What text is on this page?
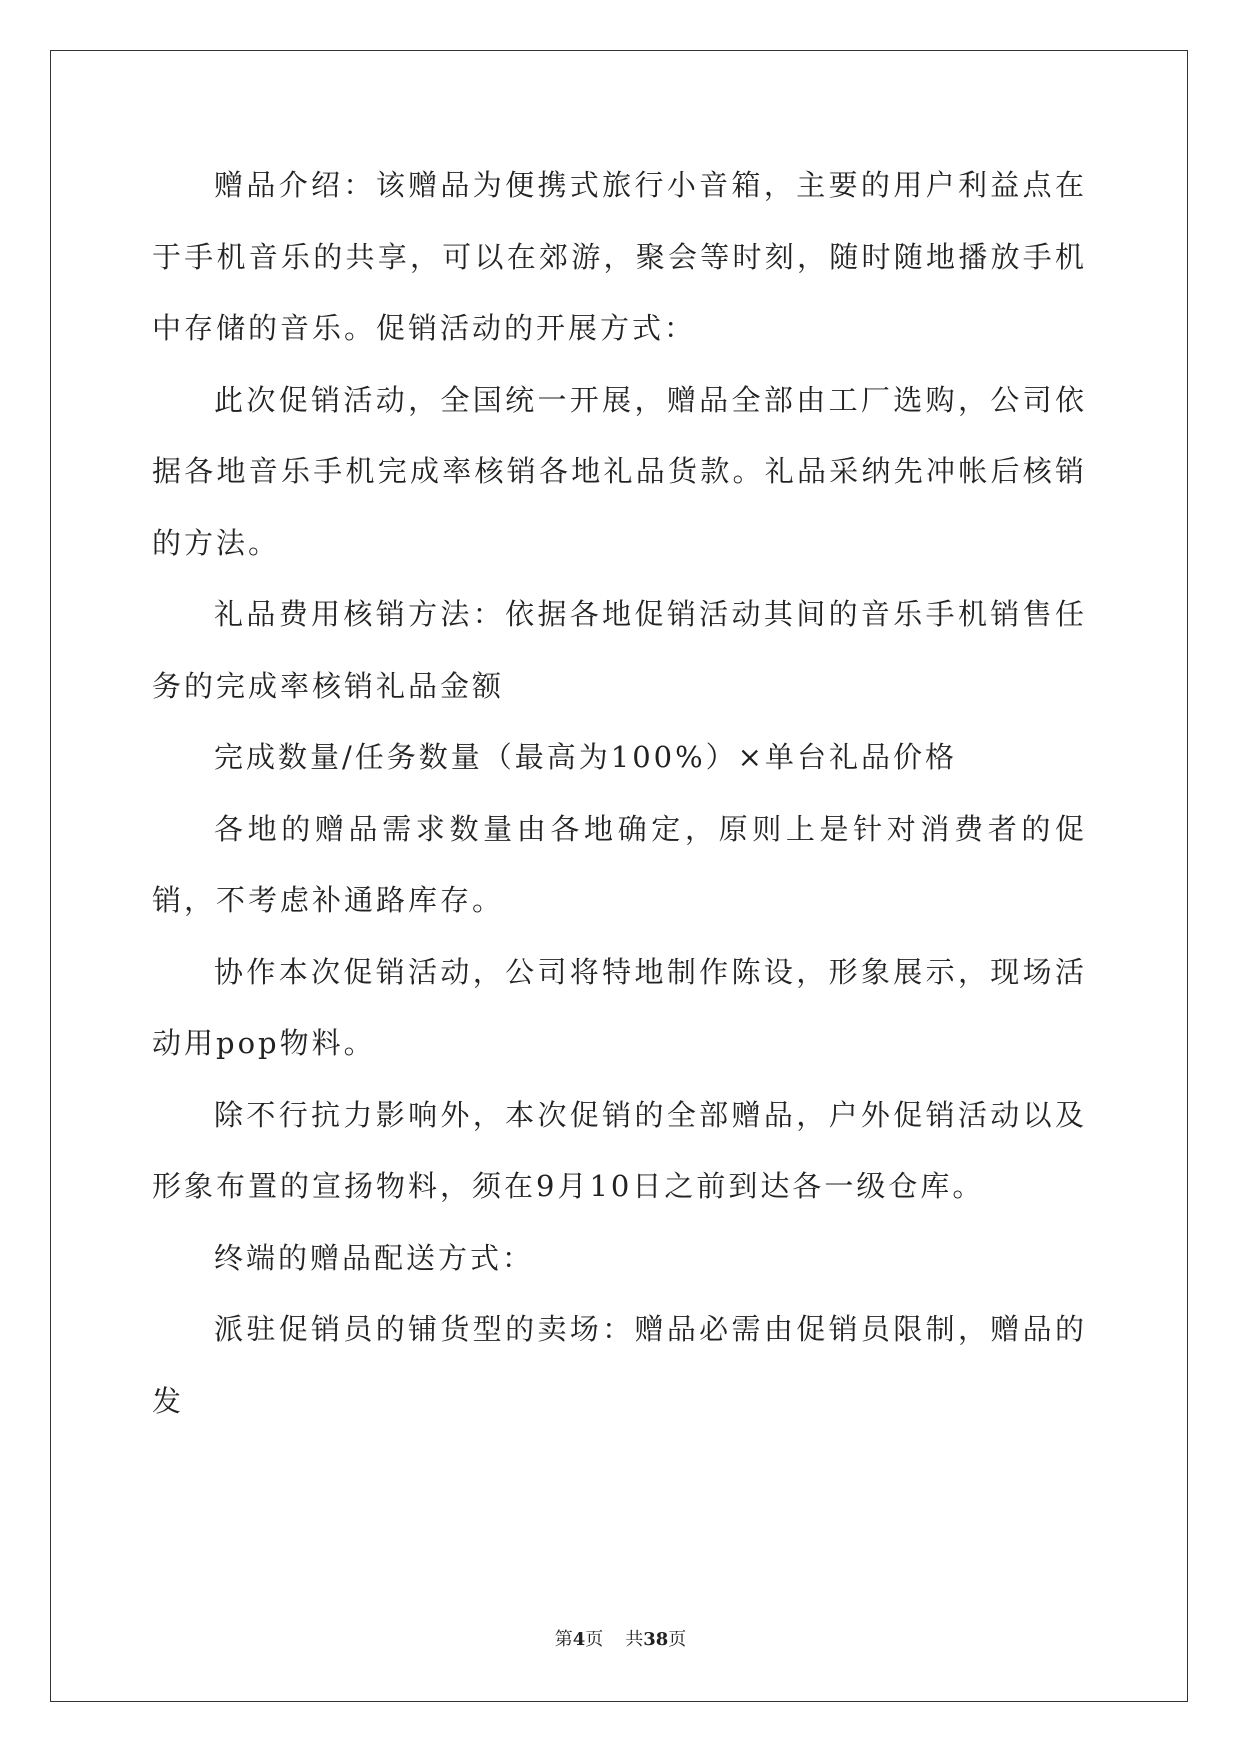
赠品介绍：该赠品为便携式旅行小音箱，主要的用户利益点在于手机音乐的共享，可以在郊游，聚会等时刻，随时随地播放手机中存储的音乐。促销活动的开展方式：

此次促销活动，全国统一开展，赠品全部由工厂选购，公司依据各地音乐手机完成率核销各地礼品货款。礼品采纳先冲帐后核销的方法。

礼品费用核销方法：依据各地促销活动其间的音乐手机销售任务的完成率核销礼品金额

完成数量/任务数量（最高为100%）×单台礼品价格

各地的赠品需求数量由各地确定，原则上是针对消费者的促销，不考虑补通路库存。

协作本次促销活动，公司将特地制作陈设，形象展示，现场活动用pop物料。

除不行抗力影响外，本次促销的全部赠品，户外促销活动以及形象布置的宣扬物料，须在9月10日之前到达各一级仓库。

终端的赠品配送方式：

派驻促销员的铺货型的卖场：赠品必需由促销员限制，赠品的发

第4页 共38页
